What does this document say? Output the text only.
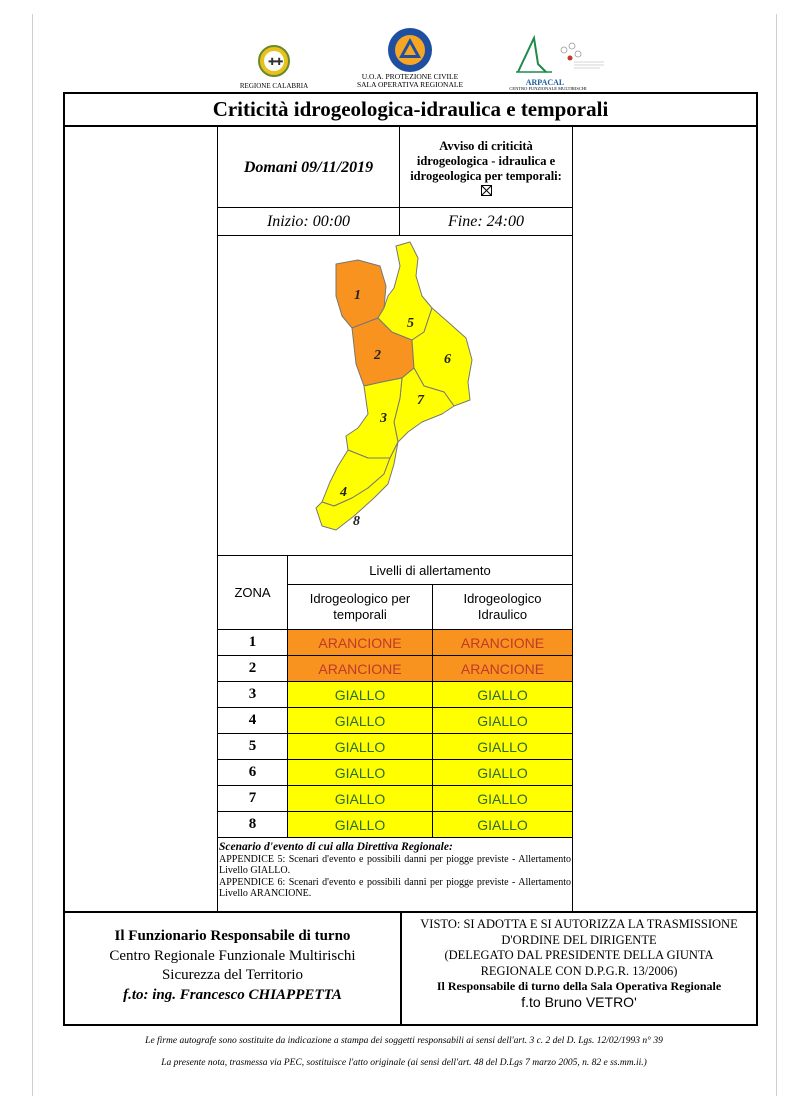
✚
✚
REGIONE CALABRIA
U.O.A. PROTEZIONE CIVILE
SALA OPERATIVA REGIONALE	ARPACAL
CENTRO FUNZIONALE MULTIRISCHI
Criticità idrogeologica-idraulica e temporali
Domani 09/11/2019
Avviso di criticità
idrogeologica - idraulica e
idrogeologica per temporali:
Inizio: 00:00	Fine: 24:00
1
2
3
4
5
6
7
8
ZONA
Livelli di allertamento
Idrogeologico per
temporali
Idrogeologico
Idraulico
1	ARANCIONE	ARANCIONE
2	ARANCIONE	ARANCIONE
3	GIALLO	GIALLO
4	GIALLO	GIALLO
5	GIALLO	GIALLO
6	GIALLO	GIALLO
7	GIALLO	GIALLO
8	GIALLO	GIALLO
Scenario d'evento di cui alla Direttiva Regionale:
APPENDICE 5: Scenari d'evento e possibili danni per piogge previste - Allertamento Livello GIALLO.
APPENDICE 6: Scenari d'evento e possibili danni per piogge previste - Allertamento Livello ARANCIONE.
Il Funzionario Responsabile di turno
Centro Regionale Funzionale Multirischi
Sicurezza del Territorio
f.to: ing. Francesco CHIAPPETTA
VISTO: SI ADOTTA E SI AUTORIZZA LA TRASMISSIONE
D'ORDINE DEL DIRIGENTE
(DELEGATO DAL PRESIDENTE DELLA GIUNTA
REGIONALE CON D.P.G.R. 13/2006)
Il Responsabile di turno della Sala Operativa Regionale
f.to Bruno VETRO'
Le firme autografe sono sostituite da indicazione a stampa dei soggetti responsabili ai sensi dell'art. 3 c. 2 del D. Lgs. 12/02/1993 n° 39
La presente nota, trasmessa via PEC, sostituisce l'atto originale (ai sensi dell'art. 48 del D.Lgs 7 marzo 2005, n. 82 e ss.mm.ii.)
